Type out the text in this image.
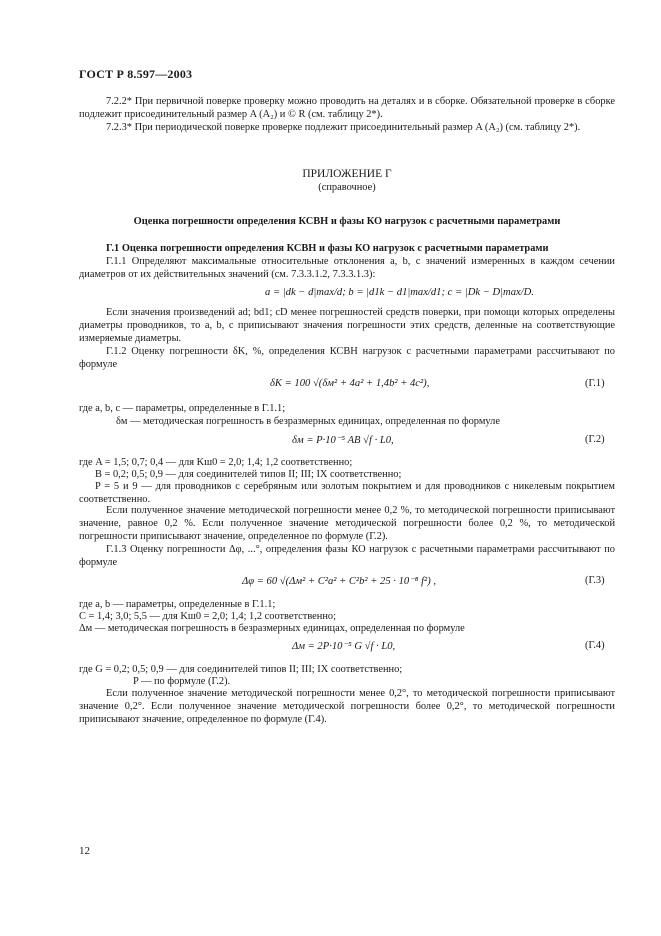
ГОСТ Р 8.597—2003

7.2.2* При первичной поверке проверку можно проводить на деталях и в сборке. Обязательной проверке в сборке подлежит присоединительный размер A (A₂) и © R (см. таблицу 2*).

7.2.3* При периодической поверке проверке подлежит присоединительный размер A (A₂) (см. таблицу 2*).

ПРИЛОЖЕНИЕ Г
(справочное)
Оценка погрешности определения КСВН и фазы КО нагрузок с расчетными параметрами

Г.1 Оценка погрешности определения КСВН и фазы КО нагрузок с расчетными параметрами

Г.1.1 Определяют максимальные относительные отклонения a, b, c значений измеренных в каждом сечении диаметров от их действительных значений (см. 7.3.3.1.2, 7.3.3.1.3):

a = |dk − d|max/d; b = |d1k − d1|max/d1; c = |Dk − D|max/D.

Если значения произведений ad; bd1; cD менее погрешностей средств поверки, при помощи которых определены диаметры проводников, то a, b, c приписывают значения погрешности этих средств, деленные на соответствующие измеряемые диаметры.

Г.1.2 Оценку погрешности δK, %, определения КСВН нагрузок с расчетными параметрами рассчитывают по формуле

δK = 100 √(δм² + 4a² + 1,4b² + 4c²),	(Г.1)
где a, b, c — параметры, определенные в Г.1.1;
δм — методическая погрешность в безразмерных единицах, определенная по формуле
δм = P·10⁻⁵ AB √f · L0,	(Г.2)
где A = 1,5; 0,7; 0,4 — для Kш0 = 2,0; 1,4; 1,2 соответственно;
B = 0,2; 0,5; 0,9 — для соединителей типов II; III; IX соответственно;

P = 5 и 9 — для проводников с серебряным или золотым покрытием и для проводников с никелевым покрытием соответственно.

Если полученное значение методической погрешности менее 0,2 %, то методической погрешности приписывают значение, равное 0,2 %. Если полученное значение методической погрешности более 0,2 %, то методической погрешности приписывают значение, определенное по формуле (Г.2).

Г.1.3 Оценку погрешности Δφ, ...°, определения фазы КО нагрузок с расчетными параметрами рассчитывают по формуле

Δφ = 60 √(Δм² + C²a² + C²b² + 25 · 10⁻⁸ f²) ,	(Г.3)
где a, b — параметры, определенные в Г.1.1;
C = 1,4; 3,0; 5,5 — для Kш0 = 2,0; 1,4; 1,2 соответственно;
Δм — методическая погрешность в безразмерных единицах, определенная по формуле
Δм = 2P·10⁻⁵ G √f · L0,	(Г.4)
где G = 0,2; 0,5; 0,9 — для соединителей типов II; III; IX соответственно;
P — по формуле (Г.2).

Если полученное значение методической погрешности менее 0,2°, то методической погрешности приписывают значение 0,2°. Если полученное значение методической погрешности более 0,2°, то методической погрешности приписывают значение, определенное по формуле (Г.4).

12
